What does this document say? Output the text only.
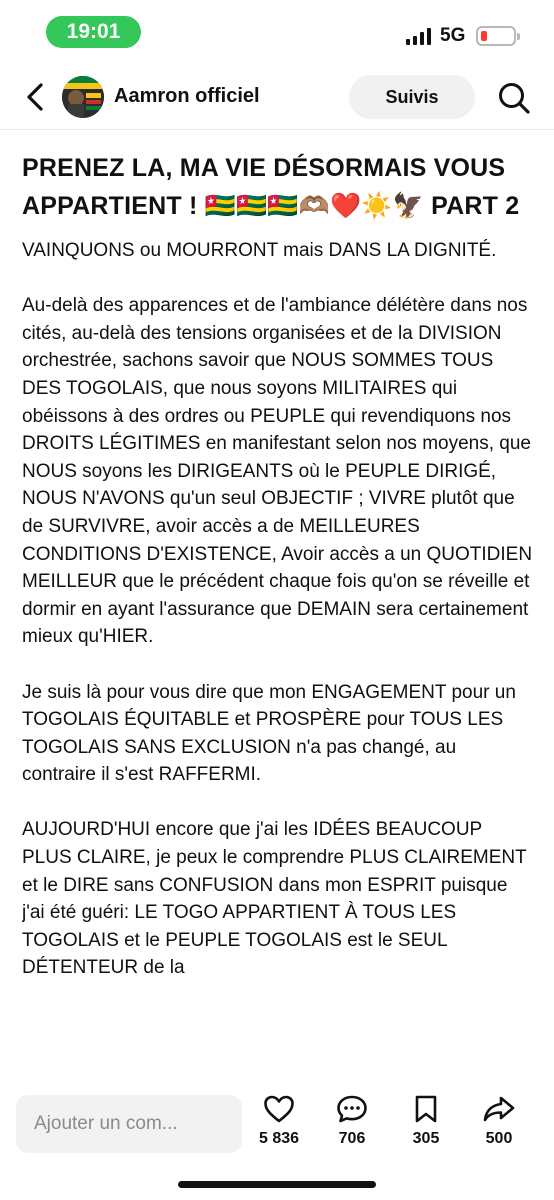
19:01	5G
Aamron officiel	Suivis
PRENEZ LA, MA VIE DÉSORMAIS VOUS APPARTIENT ! 🇹🇬🇹🇬🇹🇬🫶🏽❤️☀️🦅 PART 2

VAINQUONS ou MOURRONT mais DANS LA DIGNITÉ.

Au-delà des apparences et de l'ambiance délétère dans nos cités, au-delà des tensions organisées et de la DIVISION orchestrée, sachons savoir que NOUS SOMMES TOUS DES TOGOLAIS, que nous soyons MILITAIRES qui obéissons à des ordres ou PEUPLE qui revendiquons nos DROITS LÉGITIMES en manifestant selon nos moyens, que NOUS soyons les DIRIGEANTS où le PEUPLE DIRIGÉ, NOUS N'AVONS qu'un seul OBJECTIF ; VIVRE plutôt que de SURVIVRE, avoir accès a de MEILLEURES CONDITIONS D'EXISTENCE, Avoir accès a un QUOTIDIEN MEILLEUR que le précédent chaque fois qu'on se réveille et dormir en ayant l'assurance que DEMAIN sera certainement mieux qu'HIER.

Je suis là pour vous dire que mon ENGAGEMENT pour un TOGOLAIS ÉQUITABLE et PROSPÈRE pour TOUS LES TOGOLAIS SANS EXCLUSION n'a pas changé, au contraire il s'est RAFFERMI.

AUJOURD'HUI encore que j'ai les IDÉES BEAUCOUP PLUS CLAIRE, je peux le comprendre PLUS CLAIREMENT et le DIRE sans CONFUSION dans mon ESPRIT puisque j'ai été guéri: LE TOGO APPARTIENT À TOUS LES TOGOLAIS et le PEUPLE TOGOLAIS est le SEUL DÉTENTEUR de la

Ajouter un com...
5 836	706	305	500
